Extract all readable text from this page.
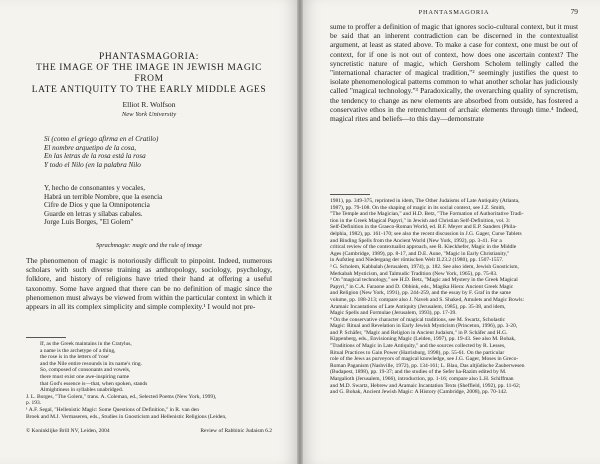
PHANTASMAGORIA:
THE IMAGE OF THE IMAGE IN JEWISH MAGIC FROM
LATE ANTIQUITY TO THE EARLY MIDDLE AGES
Elliot R. Wolfson
New York University
Si (como el griego afirma en el Cratilo)
El nombre arquetipo de la cosa,
En las letras de la rosa está la rosa
Y todo el Nilo (en la palabra Nilo
Y, hecho de consonantes y vocales,
Habrá un terrible Nombre, que la esencia
Cifre de Dios y que la Omnipotencia
Guarde en letras y sílabas cabales.
Jorge Luis Borges, "El Golem"
Sprachmagie: magic and the rule of image
The phenomenon of magic is notoriously difficult to pinpoint. Indeed, numerous scholars with such diverse training as anthropology, sociology, psychology, folklore, and history of religions have tried their hand at offering a useful taxonomy. Some have argued that there can be no definition of magic since the phenomenon must always be viewed from within the particular context in which it appears in all its complex simplicity and simple complexity.¹ I would not pre-
If, as the Greek maintains in the Cratylus,
a name is the archetype of a thing,
the rose is in the letters of 'rose'
and the Nile entire resounds in its name's ring.
So, composed of consonants and vowels,
there must exist one awe-inspiring name
that God's essence is—that, when spoken, stands
Almightiness in syllables unabridged.
J. L. Borges, "The Golem," trans. A. Coleman, ed., Selected Poems (New York, 1999),
p. 193.
¹ A.F. Segal, "Hellenistic Magic: Some Questions of Definition," in R. van den
Broek and M.J. Vermaseren, eds., Studies in Gnosticism and Hellenistic Religions (Leiden,
© Koninklijke Brill NV, Leiden, 2004	Review of Rabbinic Judaism 6.2
PHANTASMAGORIA	79
sume to proffer a definition of magic that ignores socio-cultural context, but it must be said that an inherent contradiction can be discerned in the contextualist argument, at least as stated above. To make a case for context, one must be out of context, for if one is not out of context, how does one ascertain context? The syncretistic nature of magic, which Gershom Scholem tellingly called the "international character of magical tradition,"² seemingly justifies the quest to isolate phenomenological patterns common to what another scholar has judiciously called "magical technology."³ Paradoxically, the overarching quality of syncretism, the tendency to change as new elements are absorbed from outside, has fostered a conservative ethos in the retrenchment of archaic elements through time.⁴ Indeed, magical rites and beliefs—to this day—demonstrate
1981), pp. 349-375, reprinted in idem, The Other Judaisms of Late Antiquity (Atlanta,
1987), pp. 79-108. On the shaping of magic in its social context, see J.Z. Smith,
"The Temple and the Magician," and H.D. Betz, "The Formation of Authoritative Tradi-
tion in the Greek Magical Papyri," in Jewish and Christian Self-Definition, vol. 3:
Self-Definition in the Graeco-Roman World, ed. B.F. Meyer and E.P. Sanders (Phila-
delphia, 1982), pp. 161-170; see also the recent discussion in J.G. Gager, Curse Tablets
and Binding Spells from the Ancient World (New York, 1992), pp. 3-41. For a
critical review of the contextualist approach, see R. Kieckhefer, Magic in the Middle
Ages (Cambridge, 1989), pp. 8-17, and D.E. Aune, "Magic in Early Christianity,"
in Aufstieg und Niedergang der römischen Welt II.23.2 (1980), pp. 1507-1557.
² G. Scholem, Kabbalah (Jerusalem, 1974), p. 182. See also idem, Jewish Gnosticism,
Merkabah Mysticism, and Talmudic Tradition (New York, 1965), pp. 75-83.
³ On "magical technology," see H.D. Betz, "Magic and Mystery in the Greek Magical
Papyri," in C.A. Faraone and D. Obbink, eds., Magika Hiera: Ancient Greek Magic
and Religion (New York, 1991), pp. 244-259, and the essay by F. Graf in the same
volume, pp. 188-213; compare also J. Naveh and S. Shaked, Amulets and Magic Bowls:
Aramaic Incantations of Late Antiquity (Jerusalem, 1985), pp. 35-38, and idem,
Magic Spells and Formulae (Jerusalem, 1993), pp. 17-39.
⁴ On the conservative character of magical traditions, see M. Swartz, Scholastic
Magic: Ritual and Revelation in Early Jewish Mysticism (Princeton, 1996), pp. 3-20,
and P. Schäfer, "Magic and Religion in Ancient Judaism," in P. Schäfer and H.G.
Kippenberg, eds., Envisioning Magic (Leiden, 1997), pp. 19-43. See also M. Bohak,
"Traditions of Magic in Late Antiquity," and the sources collected by R. Lesses,
Ritual Practices to Gain Power (Harrisburg, 1998), pp. 55-61. On the particular
role of the Jews as purveyors of magical knowledge, see J.G. Gager, Moses in Greco-
Roman Paganism (Nashville, 1972), pp. 134-161; L. Blau, Das altjüdische Zauberwesen
(Budapest, 1898), pp. 19-37; and the studies of the Sefer ha-Razim edited by M.
Margalioth (Jerusalem, 1966), introduction, pp. 1-16; compare also L.H. Schiffman
and M.D. Swartz, Hebrew and Aramaic Incantation Texts (Sheffield, 1992), pp. 11-62;
and G. Bohak, Ancient Jewish Magic: A History (Cambridge, 2008), pp. 70-142.
